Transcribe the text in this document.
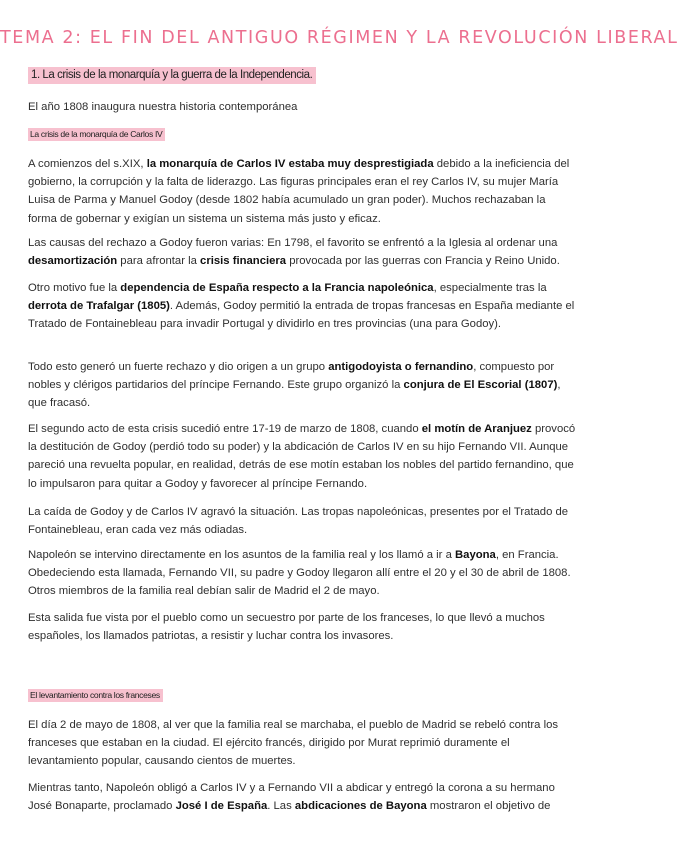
TEMA 2: EL FIN DEL ANTIGUO RÉGIMEN Y LA REVOLUCIÓN LIBERAL
1. La crisis de la monarquía y la guerra de la Independencia.

El año 1808 inaugura nuestra historia contemporánea

La crisis de la monarquía de Carlos IV

A comienzos del s.XIX, la monarquía de Carlos IV estaba muy desprestigiada debido a la ineficiencia del gobierno, la corrupción y la falta de liderazgo. Las figuras principales eran el rey Carlos IV, su mujer María Luisa de Parma y Manuel Godoy (desde 1802 había acumulado un gran poder). Muchos rechazaban la forma de gobernar y exigían un sistema un sistema más justo y eficaz.

Las causas del rechazo a Godoy fueron varias: En 1798, el favorito se enfrentó a la Iglesia al ordenar una desamortización para afrontar la crisis financiera provocada por las guerras con Francia y Reino Unido.

Otro motivo fue la dependencia de España respecto a la Francia napoleónica, especialmente tras la derrota de Trafalgar (1805). Además, Godoy permitió la entrada de tropas francesas en España mediante el Tratado de Fontainebleau para invadir Portugal y dividirlo en tres provincias (una para Godoy).

Todo esto generó un fuerte rechazo y dio origen a un grupo antigodoyista o fernandino, compuesto por nobles y clérigos partidarios del príncipe Fernando. Este grupo organizó la conjura de El Escorial (1807), que fracasó.

El segundo acto de esta crisis sucedió entre 17-19 de marzo de 1808, cuando el motín de Aranjuez provocó la destitución de Godoy (perdió todo su poder) y la abdicación de Carlos IV en su hijo Fernando VII. Aunque pareció una revuelta popular, en realidad, detrás de ese motín estaban los nobles del partido fernandino, que lo impulsaron para quitar a Godoy y favorecer al príncipe Fernando.

La caída de Godoy y de Carlos IV agravó la situación. Las tropas napoleónicas, presentes por el Tratado de Fontainebleau, eran cada vez más odiadas.

Napoleón se intervino directamente en los asuntos de la familia real y los llamó a ir a Bayona, en Francia. Obedeciendo esta llamada, Fernando VII, su padre y Godoy llegaron allí entre el 20 y el 30 de abril de 1808. Otros miembros de la familia real debían salir de Madrid el 2 de mayo.

Esta salida fue vista por el pueblo como un secuestro por parte de los franceses, lo que llevó a muchos españoles, los llamados patriotas, a resistir y luchar contra los invasores.

El levantamiento contra los franceses

El día 2 de mayo de 1808, al ver que la familia real se marchaba, el pueblo de Madrid se rebeló contra los franceses que estaban en la ciudad. El ejército francés, dirigido por Murat reprimió duramente el levantamiento popular, causando cientos de muertes.

Mientras tanto, Napoleón obligó a Carlos IV y a Fernando VII a abdicar y entregó la corona a su hermano José Bonaparte, proclamado José I de España. Las abdicaciones de Bayona mostraron el objetivo de
